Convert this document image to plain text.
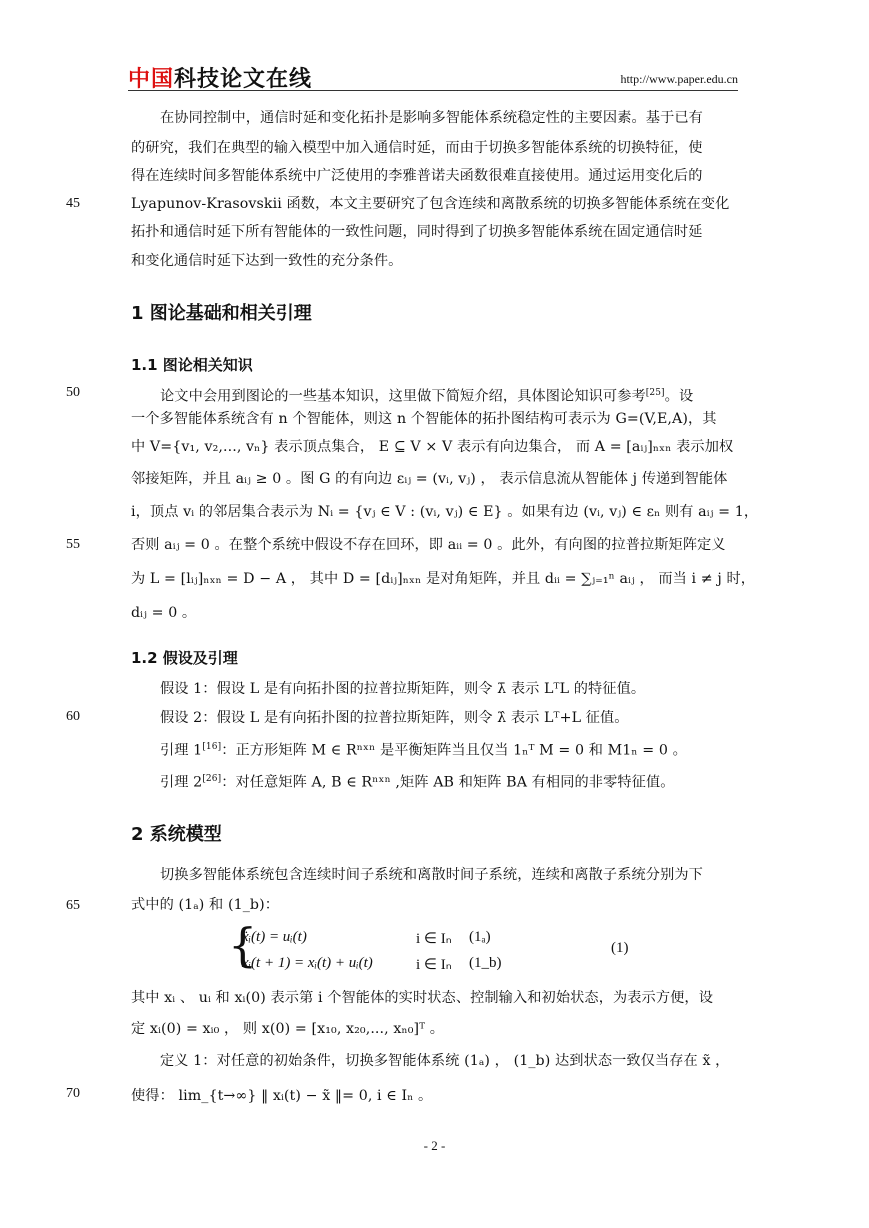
中国科技论文在线	http://www.paper.edu.cn
45
50
55
60
65
70
在协同控制中，通信时延和变化拓扑是影响多智能体系统稳定性的主要因素。基于已有
的研究，我们在典型的输入模型中加入通信时延，而由于切换多智能体系统的切换特征，使
得在连续时间多智能体系统中广泛使用的李雅普诺夫函数很难直接使用。通过运用变化后的
Lyapunov-Krasovskii 函数，本文主要研究了包含连续和离散系统的切换多智能体系统在变化
拓扑和通信时延下所有智能体的一致性问题，同时得到了切换多智能体系统在固定通信时延
和变化通信时延下达到一致性的充分条件。
1 图论基础和相关引理
1.1 图论相关知识
论文中会用到图论的一些基本知识，这里做下简短介绍，具体图论知识可参考[25]。设
一个多智能体系统含有 n 个智能体，则这 n 个智能体的拓扑图结构可表示为 G=(V,E,A)，其
中 V={v₁, v₂,..., vₙ} 表示顶点集合， E ⊆ V × V 表示有向边集合， 而 A = [aᵢⱼ]ₙₓₙ 表示加权
邻接矩阵，并且 aᵢⱼ ≥ 0 。图 G 的有向边 εᵢⱼ = (vᵢ, vⱼ) ， 表示信息流从智能体 j 传递到智能体
i，顶点 vᵢ 的邻居集合表示为 Nᵢ = {vⱼ ∈ V : (vᵢ, vⱼ) ∈ E} 。如果有边 (vᵢ, vⱼ) ∈ εₙ 则有 aᵢⱼ = 1，
否则 aᵢⱼ = 0 。在整个系统中假设不存在回环，即 aᵢᵢ = 0 。此外，有向图的拉普拉斯矩阵定义
为 L = [lᵢⱼ]ₙₓₙ = D − A ， 其中 D = [dᵢⱼ]ₙₓₙ 是对角矩阵，并且 dᵢᵢ = ∑ⱼ₌₁ⁿ aᵢⱼ ， 而当 i ≠ j 时，
dᵢⱼ = 0 。
1.2 假设及引理
假设 1：假设 L 是有向拓扑图的拉普拉斯矩阵，则令 λ̄ 表示 LᵀL 的特征值。
假设 2：假设 L 是有向拓扑图的拉普拉斯矩阵，则令 λ̂ 表示 Lᵀ+L 征值。
引理 1[16]：正方形矩阵 M ∈ Rⁿˣⁿ 是平衡矩阵当且仅当 1ₙᵀ M = 0 和 M1ₙ = 0 。
引理 2[26]：对任意矩阵 A, B ∈ Rⁿˣⁿ ,矩阵 AB 和矩阵 BA 有相同的非零特征值。
2 系统模型
切换多智能体系统包含连续时间子系统和离散时间子系统，连续和离散子系统分别为下
式中的 (1ₐ) 和 (1_b)：
{
ẋᵢ(t) = uᵢ(t)
xᵢ(t + 1) = xᵢ(t) + uᵢ(t)
i ∈ Iₙ
i ∈ Iₙ
(1ₐ)
(1_b)
(1)
其中 xᵢ 、 uᵢ 和 xᵢ(0) 表示第 i 个智能体的实时状态、控制输入和初始状态，为表示方便，设
定 xᵢ(0) = xᵢ₀ ， 则 x(0) = [x₁₀, x₂₀,..., xₙ₀]ᵀ 。
定义 1：对任意的初始条件，切换多智能体系统 (1ₐ) ， (1_b) 达到状态一致仅当存在 x̃ ，
使得： lim_{t→∞} ‖ xᵢ(t) − x̃ ‖= 0, i ∈ Iₙ 。
- 2 -
